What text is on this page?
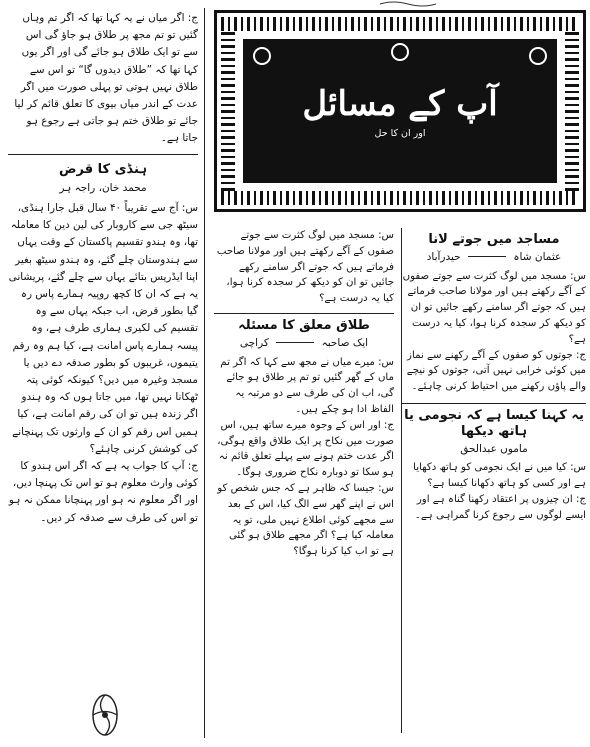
ج: اگر میاں نے یہ کہا تھا کہ اگر تم وہاں گئیں تو تم مجھ پر طلاق ہو جاؤ گی اس سے تو ایک طلاق ہو جائے گی اور اگر یوں کہا تھا کہ ”طلاق دیدوں گا“ تو اس سے طلاق نہیں ہوتی تو پہلی صورت میں اگر عدت کے اندر میاں بیوی کا تعلق قائم کر لیا جائے تو طلاق ختم ہو جاتی ہے رجوع ہو جاتا ہے۔

ہنڈی کا قرض
محمد خان، راجہ ہر

س: آج سے تقریباً ۴۰ سال قبل جارا ہنڈی، سیٹھ جی سے کاروبار کی لین دین کا معاملہ تھا، وہ ہندو تقسیم پاکستان کے وقت یہاں سے ہندوستان چلے گئے، وہ ہندو سیٹھ بغیر اپنا ایڈریس بتائے یہاں سے چلے گئے، پریشانی یہ ہے کہ ان کا کچھ روپیہ ہمارے پاس رہ گیا بطور قرض، اب جبکہ یہاں سے وہ تقسیم کی لکیری ہماری طرف ہے، وہ پیسہ ہمارے پاس امانت ہے، کیا ہم وہ رقم یتیموں، غریبوں کو بطور صدقہ دے دیں یا مسجد وغیرہ میں دیں؟ کیونکہ کوئی پتہ ٹھکانا نہیں تھا، میں جاتا ہوں کہ وہ ہندو اگر زندہ ہیں تو ان کی رقم امانت ہے، کیا ہمیں اس رقم کو ان کے وارثوں تک پہنچانے کی کوشش کرنی چاہئے؟

ج: آپ کا جواب یہ ہے کہ اگر اس ہندو کا کوئی وارث معلوم ہو تو اس تک پہنچا دیں، اور اگر معلوم نہ ہو اور پہنچانا ممکن نہ ہو تو اس کی طرف سے صدقہ کر دیں۔

آپ کے مسائل
اور ان کا حل
مساجد میں جوتے لانا
عثمان شاہ  حیدرآباد

س: مسجد میں لوگ کثرت سے جوتے صفوں کے آگے رکھتے ہیں اور مولانا صاحب فرماتے ہیں کہ جوتے اگر سامنے رکھے جائیں تو ان کو دیکھ کر سجدہ کرنا ہوا، کیا یہ درست ہے؟

ج: جوتوں کو صفوں کے آگے رکھنے سے نماز میں کوئی خرابی نہیں آتی، جوتوں کو نیچے والے پاؤں رکھنے میں احتیاط کرنی چاہئے۔

یہ کہنا کیسا ہے کہ نجومی یا ہاتھ دیکھا
ماموں عبدالحق

س: کیا میں نے ایک نجومی کو ہاتھ دکھایا ہے اور کسی کو ہاتھ دکھانا کیسا ہے؟

ج: ان چیزوں پر اعتقاد رکھنا گناہ ہے اور ایسے لوگوں سے رجوع کرنا گمراہی ہے۔

س: مسجد میں لوگ کثرت سے جوتے صفوں کے آگے رکھتے ہیں اور مولانا صاحب فرماتے ہیں کہ جوتے اگر سامنے رکھے جائیں تو ان کو دیکھ کر سجدہ کرنا ہوا، کیا یہ درست ہے؟

طلاق معلق کا مسئلہ
ایک صاحبہ  کراچی

س: میرے میاں نے مجھ سے کہا کہ اگر تم ماں کے گھر گئیں تو تم پر طلاق ہو جائے گی، اب ان کی طرف سے دو مرتبہ یہ الفاظ ادا ہو چکے ہیں۔

ج: اور اس کے وجوہ میرے ساتھ ہیں، اس صورت میں نکاح پر ایک طلاق واقع ہوگی، اگر عدت ختم ہونے سے پہلے تعلق قائم نہ ہو سکا تو دوبارہ نکاح ضروری ہوگا۔

س: جیسا کہ ظاہر ہے کہ جس شخص کو اس نے اپنے گھر سے الگ کیا، اس کے بعد سے مجھے کوئی اطلاع نہیں ملی، تو یہ معاملہ کیا ہے؟ اگر مجھے طلاق ہو گئی ہے تو اب کیا کرنا ہوگا؟
